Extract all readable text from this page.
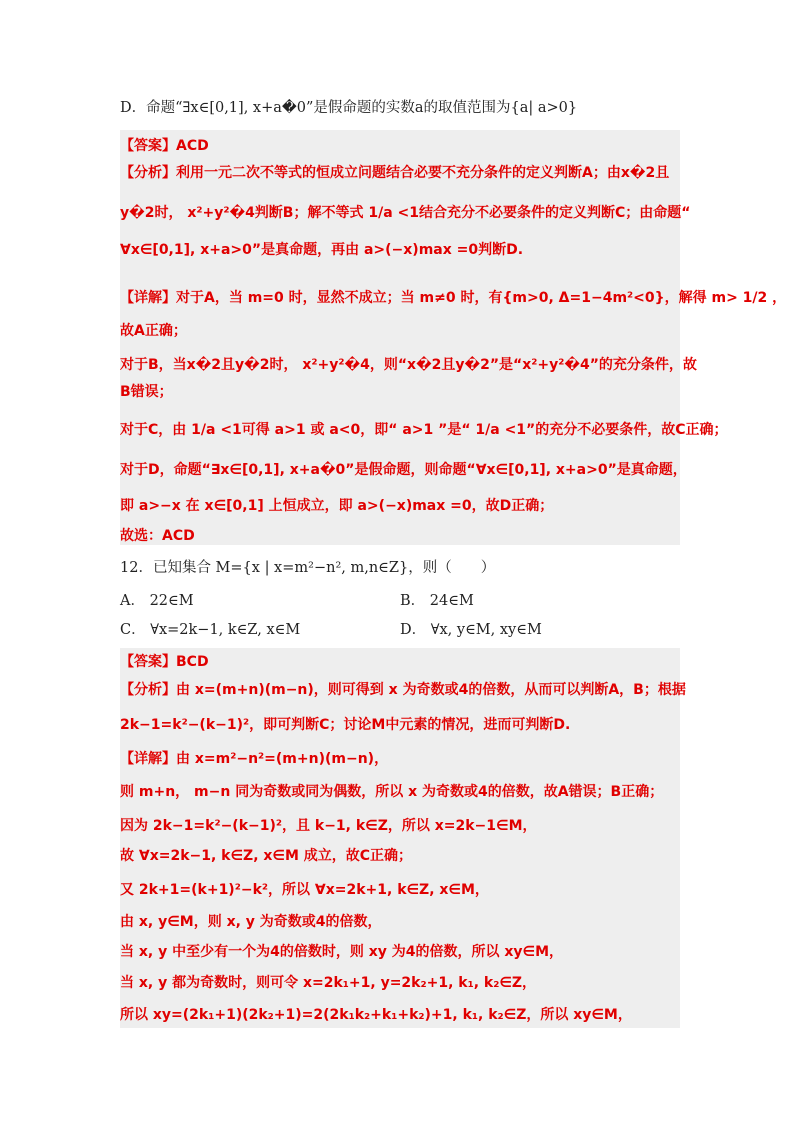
D．命题“∃x∈[0,1], x+a�0”是假命题的实数a的取值范围为{a| a>0}
【答案】ACD
【分析】利用一元二次不等式的恒成立问题结合必要不充分条件的定义判断A；由x�2且
y�2时， x²+y²�4判断B；解不等式 1/a <1结合充分不必要条件的定义判断C；由命题“
∀x∈[0,1], x+a>0”是真命题，再由 a>(−x)max =0判断D.
【详解】对于A，当 m=0 时，显然不成立；当 m≠0 时，有{m>0, Δ=1−4m²<0}，解得 m> 1/2 ，
故A正确；
对于B，当x�2且y�2时， x²+y²�4，则“x�2且y�2”是“x²+y²�4”的充分条件，故
B错误；
对于C，由 1/a <1可得 a>1 或 a<0，即“ a>1 ”是“ 1/a <1”的充分不必要条件，故C正确；
对于D，命题“∃x∈[0,1], x+a�0”是假命题，则命题“∀x∈[0,1], x+a>0”是真命题，
即 a>−x 在 x∈[0,1] 上恒成立，即 a>(−x)max =0，故D正确；
故选：ACD
12．已知集合 M={x | x=m²−n², m,n∈Z}，则（　　）
A． 22∈M	B． 24∈M
C． ∀x=2k−1, k∈Z, x∈M	D． ∀x, y∈M, xy∈M
【答案】BCD
【分析】由 x=(m+n)(m−n)，则可得到 x 为奇数或4的倍数，从而可以判断A，B；根据
2k−1=k²−(k−1)²，即可判断C；讨论M中元素的情况，进而可判断D.
【详解】由 x=m²−n²=(m+n)(m−n)，
则 m+n， m−n 同为奇数或同为偶数，所以 x 为奇数或4的倍数，故A错误；B正确；
因为 2k−1=k²−(k−1)²，且 k−1, k∈Z，所以 x=2k−1∈M，
故 ∀x=2k−1, k∈Z, x∈M 成立，故C正确；
又 2k+1=(k+1)²−k²，所以 ∀x=2k+1, k∈Z, x∈M，
由 x, y∈M，则 x, y 为奇数或4的倍数，
当 x, y 中至少有一个为4的倍数时，则 xy 为4的倍数，所以 xy∈M，
当 x, y 都为奇数时，则可令 x=2k₁+1, y=2k₂+1, k₁, k₂∈Z，
所以 xy=(2k₁+1)(2k₂+1)=2(2k₁k₂+k₁+k₂)+1, k₁, k₂∈Z，所以 xy∈M，
